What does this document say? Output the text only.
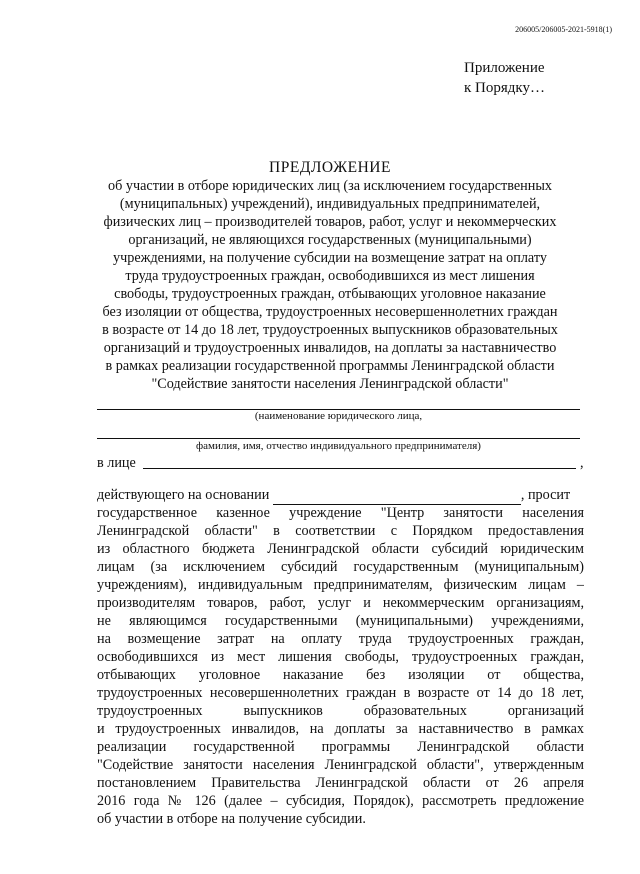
206005/206005-2021-5918(1)
Приложение
к Порядку…
ПРЕДЛОЖЕНИЕ
об участии в отборе юридических лиц (за исключением государственных
(муниципальных) учреждений), индивидуальных предпринимателей,
физических лиц – производителей товаров, работ, услуг и некоммерческих
организаций, не являющихся государственных (муниципальными)
учреждениями, на получение субсидии на возмещение затрат на оплату
труда трудоустроенных граждан, освободившихся из мест лишения
свободы, трудоустроенных граждан, отбывающих уголовное наказание
без изоляции от общества, трудоустроенных несовершеннолетних граждан
в возрасте от 14 до 18 лет, трудоустроенных выпускников образовательных
организаций и трудоустроенных инвалидов, на доплаты за наставничество
в рамках реализации государственной программы Ленинградской области
"Содействие занятости населения Ленинградской области"
(наименование юридического лица,
фамилия, имя, отчество индивидуального предпринимателя)
в лице	,
действующего на основании	, просит
государственное казенное учреждение "Центр занятости населения
Ленинградской области" в соответствии с Порядком предоставления
из областного бюджета Ленинградской области субсидий юридическим
лицам (за исключением субсидий государственным (муниципальным)
учреждениям), индивидуальным предпринимателям, физическим лицам –
производителям товаров, работ, услуг и некоммерческим организациям,
не являющимся государственными (муниципальными) учреждениями,
на возмещение затрат на оплату труда трудоустроенных граждан,
освободившихся из мест лишения свободы, трудоустроенных граждан,
отбывающих уголовное наказание без изоляции от общества,
трудоустроенных несовершеннолетних граждан в возрасте от 14 до 18 лет,
трудоустроенных выпускников образовательных организаций
и трудоустроенных инвалидов, на доплаты за наставничество в рамках
реализации государственной программы Ленинградской области
"Содействие занятости населения Ленинградской области", утвержденным
постановлением Правительства Ленинградской области от 26 апреля
2016 года № 126 (далее – субсидия, Порядок), рассмотреть предложение
об участии в отборе на получение субсидии.
